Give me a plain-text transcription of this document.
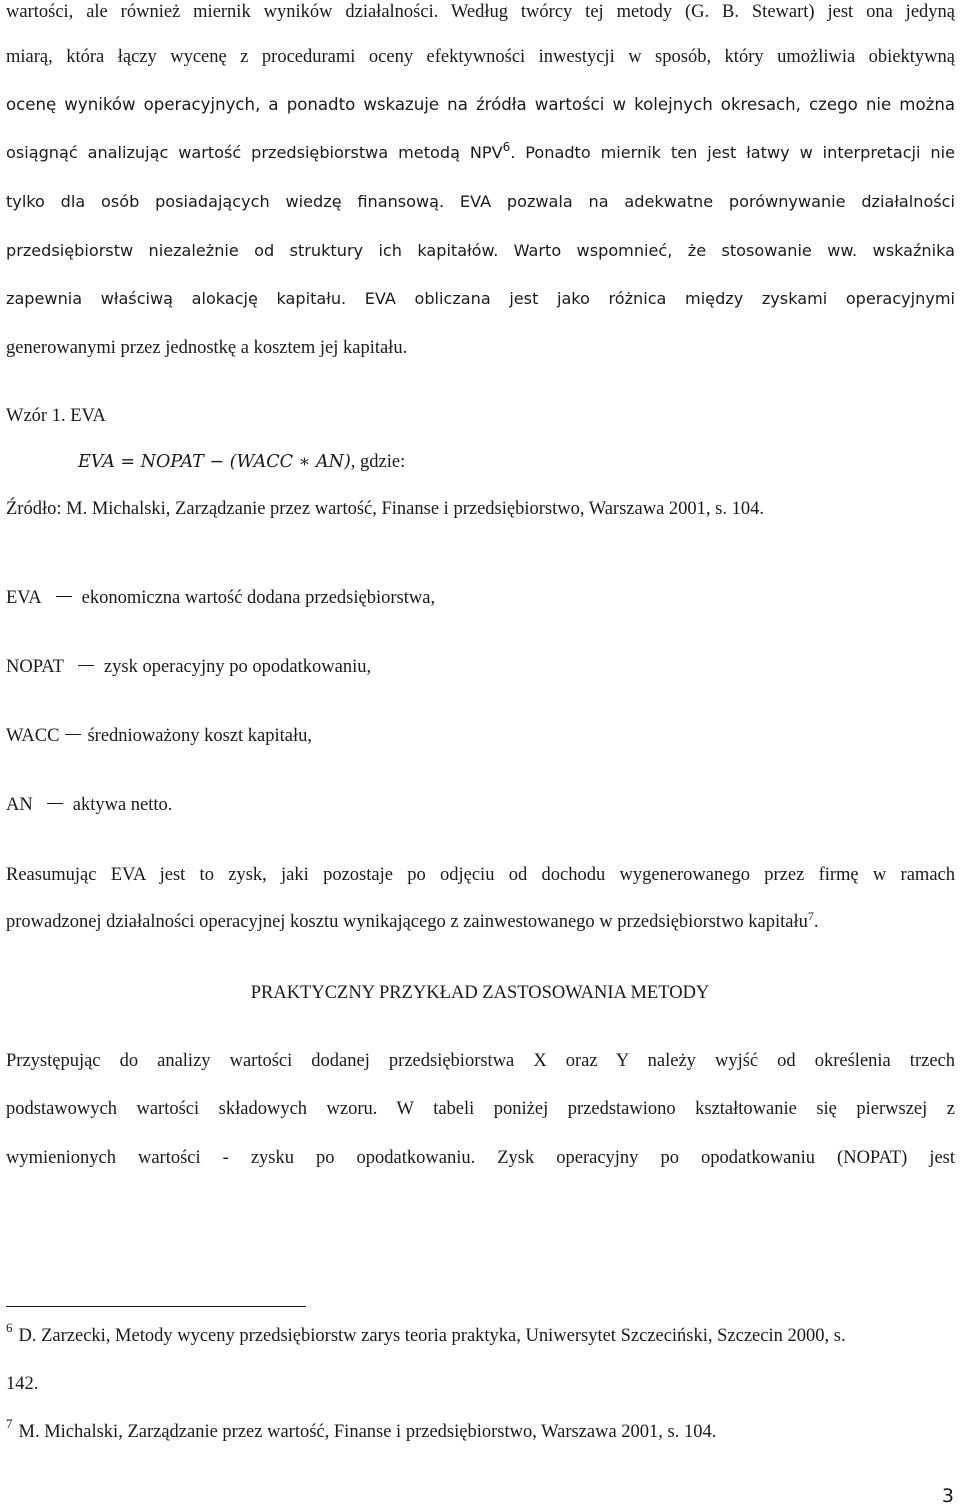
wartości, ale również miernik wyników działalności. Według twórcy tej metody (G. B. Stewart) jest ona jedyną
miarą, która łączy wycenę z procedurami oceny efektywności inwestycji w sposób, który umożliwia obiektywną
ocenę wyników operacyjnych, a ponadto wskazuje na źródła wartości w kolejnych okresach, czego nie można
osiągnąć analizując wartość przedsiębiorstwa metodą NPV$^6$. Ponadto miernik ten jest łatwy w interpretacji nie
tylko dla osób posiadających wiedzę finansową. EVA pozwala na adekwatne porównywanie działalności
przedsiębiorstw niezależnie od struktury ich kapitałów. Warto wspomnieć, że stosowanie ww. wskaźnika
zapewnia właściwą alokację kapitału. EVA obliczana jest jako różnica między zyskami operacyjnymi
generowanymi przez jednostkę a kosztem jej kapitału.
Wzór 1. EVA
EVA = NOPAT − (WACC ∗ AN), gdzie:
Źródło: M. Michalski, Zarządzanie przez wartość, Finanse i przedsiębiorstwo, Warszawa 2001, s. 104.
EVA ekonomiczna wartość dodana przedsiębiorstwa,
NOPAT zysk operacyjny po opodatkowaniu,
WACC średnioważony koszt kapitału,
AN aktywa netto.
Reasumując EVA jest to zysk, jaki pozostaje po odjęciu od dochodu wygenerowanego przez firmę w ramach
prowadzonej działalności operacyjnej kosztu wynikającego z zainwestowanego w przedsiębiorstwo kapitału$^7$.
PRAKTYCZNY PRZYKŁAD ZASTOSOWANIA METODY
Przystępując do analizy wartości dodanej przedsiębiorstwa X oraz Y należy wyjść od określenia trzech
podstawowych wartości składowych wzoru. W tabeli poniżej przedstawiono kształtowanie się pierwszej z
wymienionych wartości - zysku po opodatkowaniu. Zysk operacyjny po opodatkowaniu (NOPAT) jest
$^6$ D. Zarzecki, Metody wyceny przedsiębiorstw zarys teoria praktyka, Uniwersytet Szczeciński, Szczecin 2000, s.
142.
$^7$ M. Michalski, Zarządzanie przez wartość, Finanse i przedsiębiorstwo, Warszawa 2001, s. 104.
3
